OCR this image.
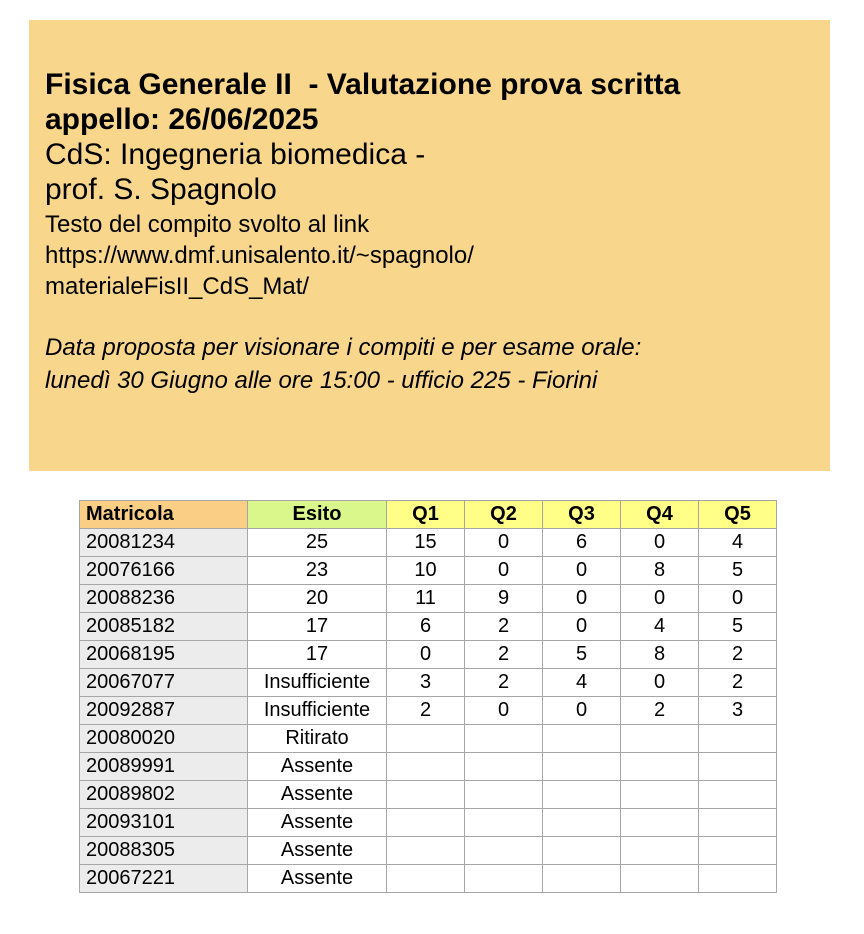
Fisica Generale II  - Valutazione prova scritta
appello: 26/06/2025
CdS: Ingegneria biomedica -
prof. S. Spagnolo
Testo del compito svolto al link
https://www.dmf.unisalento.it/~spagnolo/
materialeFisII_CdS_Mat/
Data proposta per visionare i compiti e per esame orale:
lunedì 30 Giugno alle ore 15:00 - ufficio 225 - Fiorini
Matricola	Esito	Q1	Q2	Q3	Q4	Q5
20081234	25	15	0	6	0	4
20076166	23	10	0	0	8	5
20088236	20	11	9	0	0	0
20085182	17	6	2	0	4	5
20068195	17	0	2	5	8	2
20067077	Insufficiente	3	2	4	0	2
20092887	Insufficiente	2	0	0	2	3
20080020	Ritirato					
20089991	Assente					
20089802	Assente					
20093101	Assente					
20088305	Assente					
20067221	Assente					
